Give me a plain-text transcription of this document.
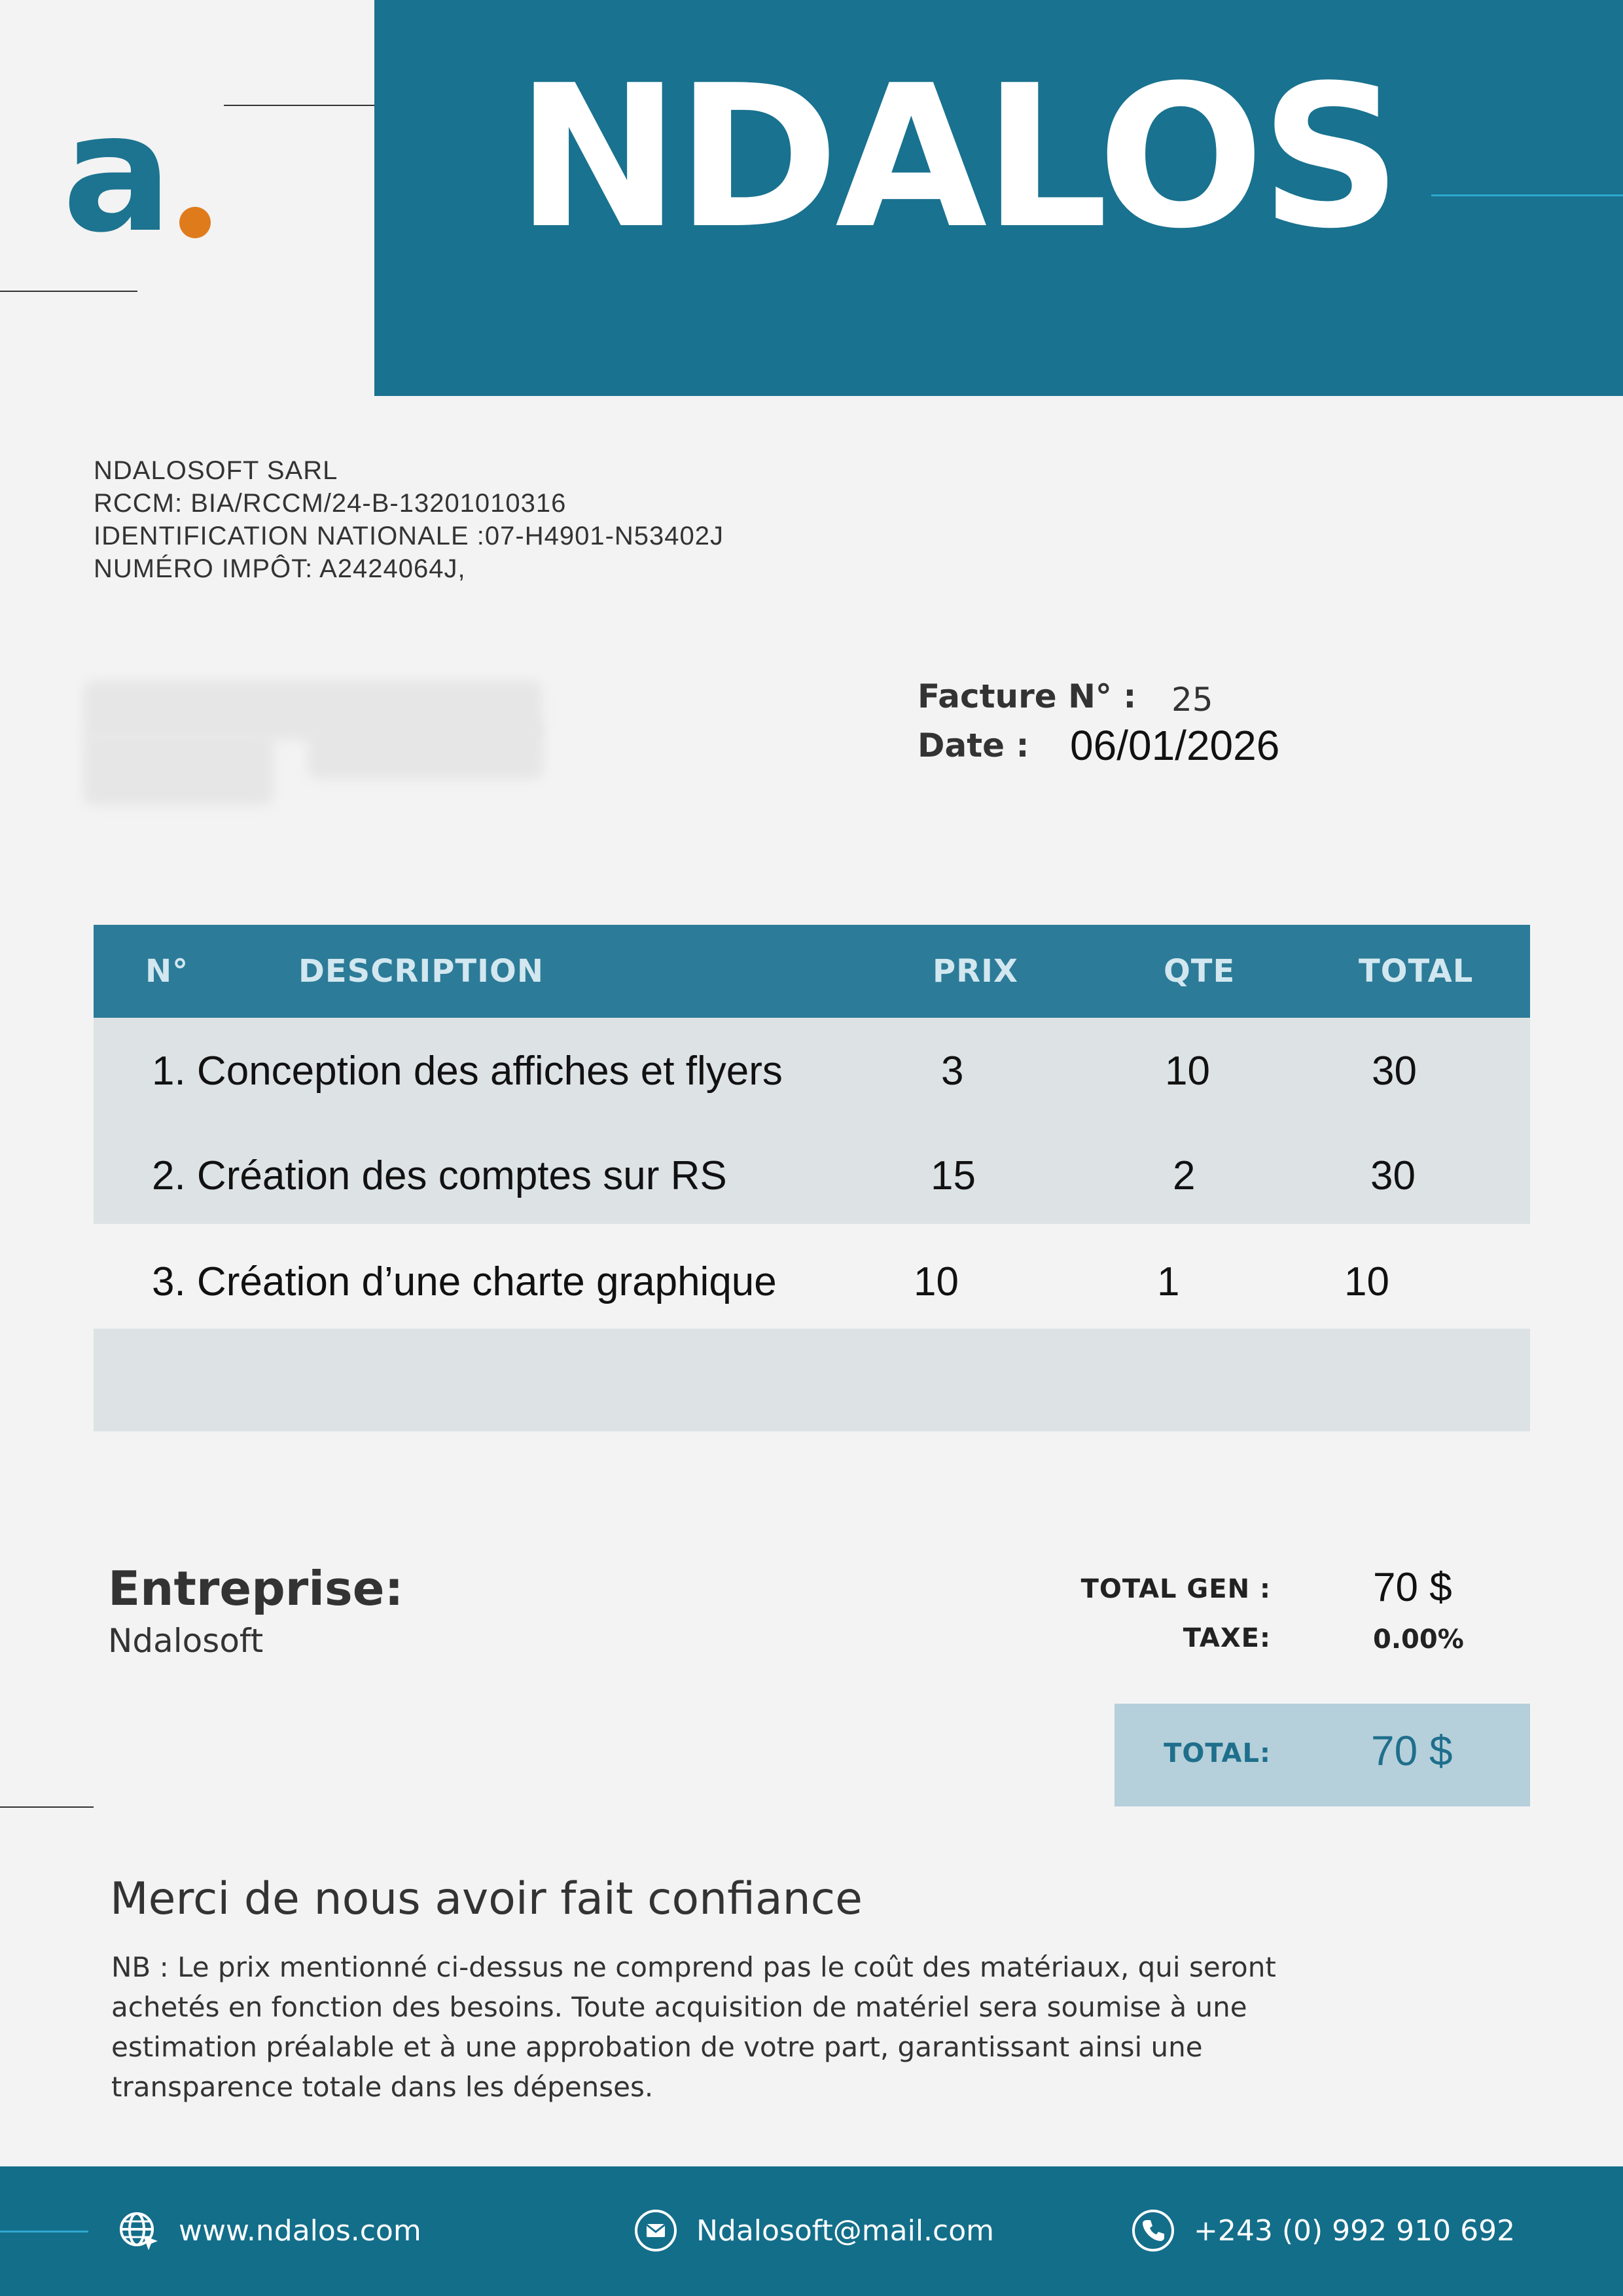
NDALOS
a
NDALOSOFT SARL
RCCM: BIA/RCCM/24-B-13201010316
IDENTIFICATION NATIONALE :07-H4901-N53402J
NUMÉRO IMPÔT: A2424064J,
Facture N° : 25
Date : 06/01/2026
N°	DESCRIPTION	PRIX	QTE	TOTAL
1. Conception des affiches et flyers	3	10	30
2. Création des comptes sur RS	15	2	30
3. Création d’une charte graphique	10	1	10
Entreprise:
Ndalosoft
TOTAL GEN :	70 $
TAXE:	0.00%
TOTAL: 70 $
Merci de nous avoir fait confiance
NB : Le prix mentionné ci-dessus ne comprend pas le coût des matériaux, qui seront achetés en fonction des besoins. Toute acquisition de matériel sera soumise à une estimation préalable et à une approbation de votre part, garantissant ainsi une transparence totale dans les dépenses.
www.ndalos.com	Ndalosoft@mail.com	+243 (0) 992 910 692
